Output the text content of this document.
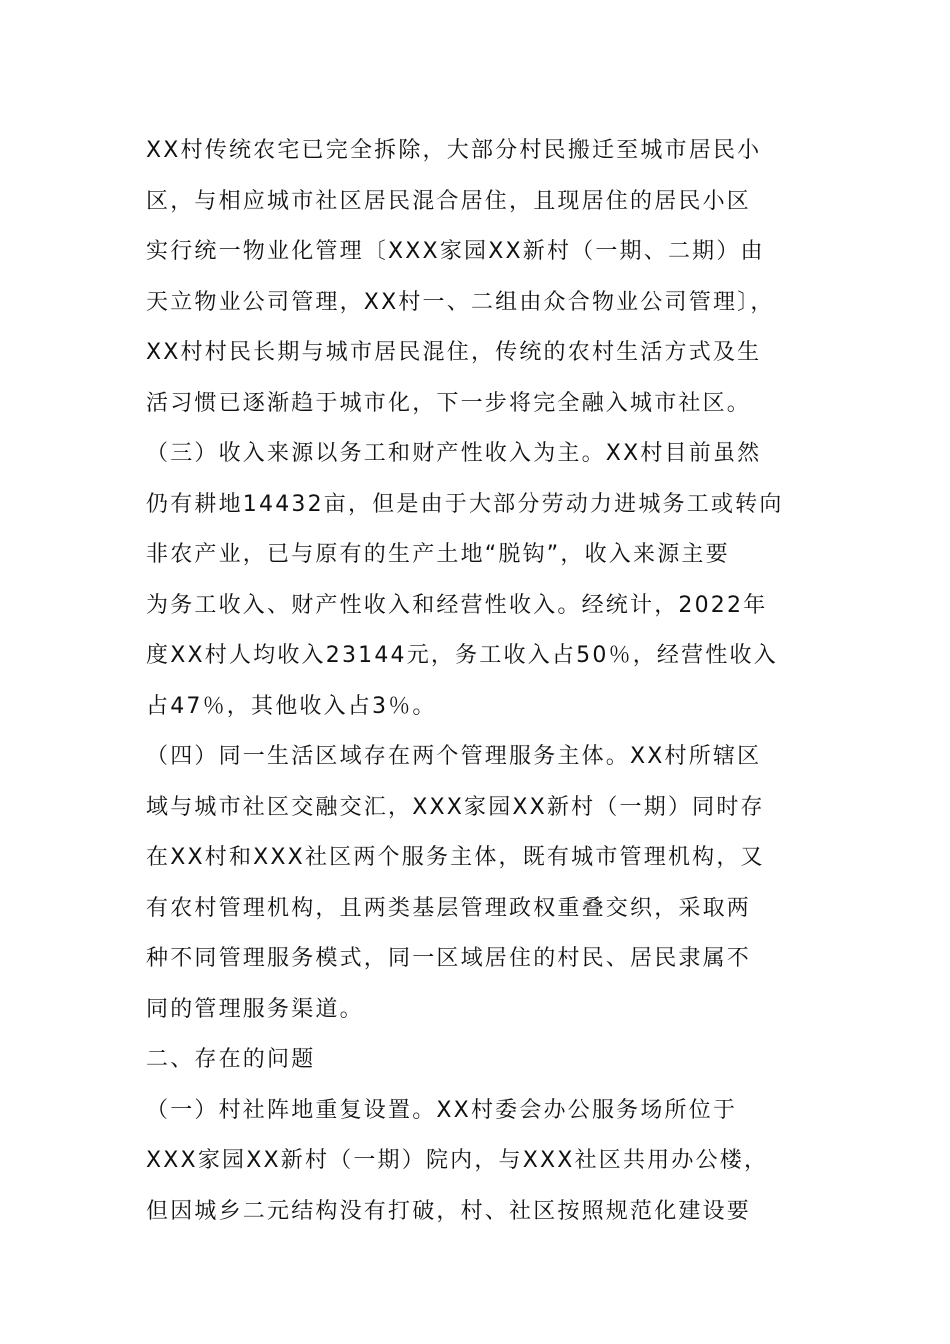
XX村传统农宅已完全拆除，大部分村民搬迁至城市居民小
区，与相应城市社区居民混合居住，且现居住的居民小区
实行统一物业化管理〔XXX家园XX新村（一期、二期）由
天立物业公司管理，XX村一、二组由众合物业公司管理〕，
XX村村民长期与城市居民混住，传统的农村生活方式及生
活习惯已逐渐趋于城市化，下一步将完全融入城市社区。
（三）收入来源以务工和财产性收入为主。XX村目前虽然
仍有耕地14432亩，但是由于大部分劳动力进城务工或转向
非农产业，已与原有的生产土地“脱钩”，收入来源主要
为务工收入、财产性收入和经营性收入。经统计，2022年
度XX村人均收入23144元，务工收入占50％，经营性收入
占47％，其他收入占3％。
（四）同一生活区域存在两个管理服务主体。XX村所辖区
域与城市社区交融交汇，XXX家园XX新村（一期）同时存
在XX村和XXX社区两个服务主体，既有城市管理机构，又
有农村管理机构，且两类基层管理政权重叠交织，采取两
种不同管理服务模式，同一区域居住的村民、居民隶属不
同的管理服务渠道。
二、存在的问题
（一）村社阵地重复设置。XX村委会办公服务场所位于
XXX家园XX新村（一期）院内，与XXX社区共用办公楼，
但因城乡二元结构没有打破，村、社区按照规范化建设要
